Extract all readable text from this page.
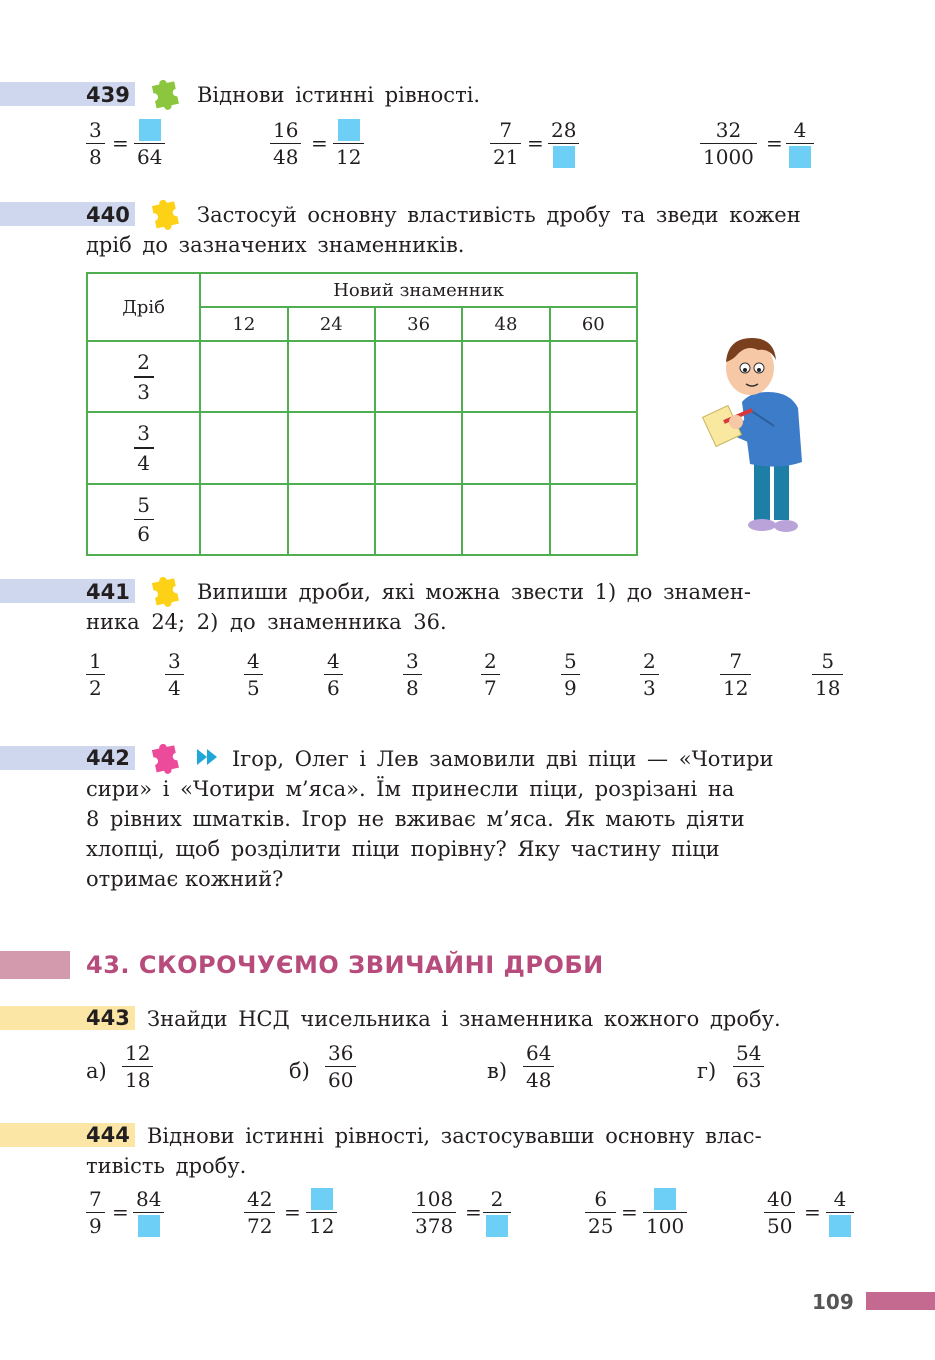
439	Віднови істинні рівності.
3
8
=
64
16
48
=
12
7
21
=
28	32
1000
=
4
440	Застосуй основну властивість дробу та зведи кожен
дріб до зазначених знаменників.
Дріб	Новий знаменник				
	12	24	36	48	60

$\frac{2}{3}$

$\frac{3}{4}$

$\frac{5}{6}$

441	Випиши дроби, які можна звести 1) до знамен-
ника 24; 2) до знаменника 36.
1
2
3
4
4
5
4
6
3
8
2
7
5
9
2
3
7
12
5
18
442	Ігор, Олег і Лев замовили дві піци — «Чотири
сири» і «Чотири м’яса». Їм принесли піци, розрізані на
8 рівних шматків. Ігор не вживає м’яса. Як мають діяти
хлопці, щоб розділити піци порівну? Яку частину піци
отримає кожний?
43. СКОРОЧУЄМО ЗВИЧАЙНІ ДРОБИ
443 Знайди НСД чисельника і знаменника кожного дробу.
а)
12
18	б)
36
60	в)
64
48	г)
54
63
444 Віднови істинні рівності, застосувавши основну влас-
тивість дробу.
7
9
=
84	42
72
=
12
108
378
=
2	6
25
=
100
40
50
=
4
109
